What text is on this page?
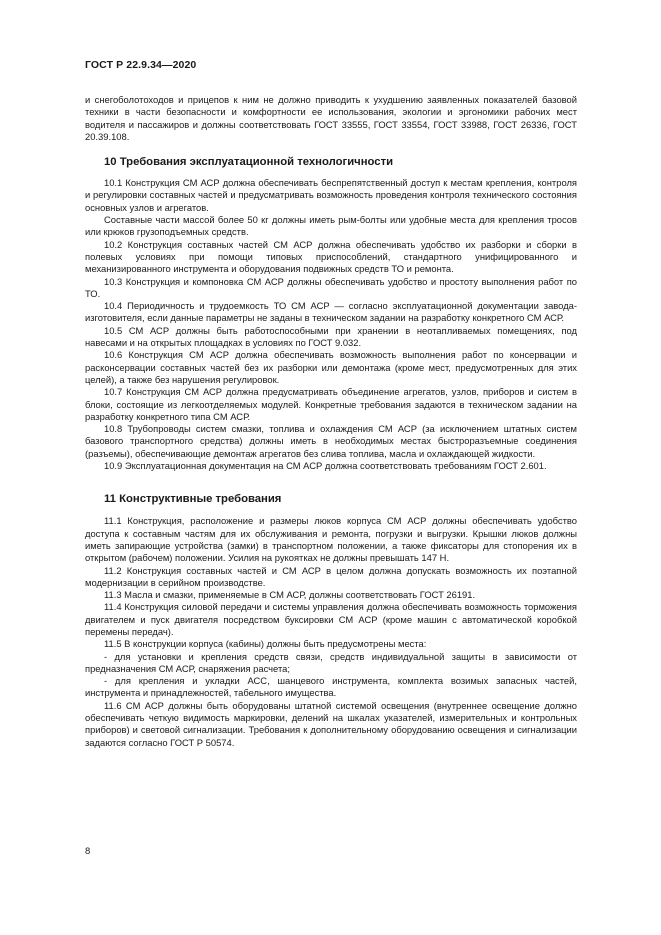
ГОСТ Р 22.9.34—2020

и снегоболотоходов и прицепов к ним не должно приводить к ухудшению заявленных показателей базовой техники в части безопасности и комфортности ее использования, экологии и эргономики рабочих мест водителя и пассажиров и должны соответствовать ГОСТ 33555, ГОСТ 33554, ГОСТ 33988, ГОСТ 26336, ГОСТ 20.39.108.

10 Требования эксплуатационной технологичности

10.1 Конструкция СМ АСР должна обеспечивать беспрепятственный доступ к местам крепления, контроля и регулировки составных частей и предусматривать возможность проведения контроля технического состояния основных узлов и агрегатов.

Составные части массой более 50 кг должны иметь рым-болты или удобные места для крепления тросов или крюков грузоподъемных средств.

10.2 Конструкция составных частей СМ АСР должна обеспечивать удобство их разборки и сборки в полевых условиях при помощи типовых приспособлений, стандартного унифицированного и механизированного инструмента и оборудования подвижных средств ТО и ремонта.

10.3 Конструкция и компоновка СМ АСР должны обеспечивать удобство и простоту выполнения работ по ТО.

10.4 Периодичность и трудоемкость ТО СМ АСР — согласно эксплуатационной документации завода-изготовителя, если данные параметры не заданы в техническом задании на разработку конкретного СМ АСР.

10.5 СМ АСР должны быть работоспособными при хранении в неотапливаемых помещениях, под навесами и на открытых площадках в условиях по ГОСТ 9.032.

10.6 Конструкция СМ АСР должна обеспечивать возможность выполнения работ по консервации и расконсервации составных частей без их разборки или демонтажа (кроме мест, предусмотренных для этих целей), а также без нарушения регулировок.

10.7 Конструкция СМ АСР должна предусматривать объединение агрегатов, узлов, приборов и систем в блоки, состоящие из легкоотделяемых модулей. Конкретные требования задаются в техническом задании на разработку конкретного типа СМ АСР.

10.8 Трубопроводы систем смазки, топлива и охлаждения СМ АСР (за исключением штатных систем базового транспортного средства) должны иметь в необходимых местах быстроразъемные соединения (разъемы), обеспечивающие демонтаж агрегатов без слива топлива, масла и охлаждающей жидкости.

10.9 Эксплуатационная документация на СМ АСР должна соответствовать требованиям ГОСТ 2.601.

11 Конструктивные требования

11.1 Конструкция, расположение и размеры люков корпуса СМ АСР должны обеспечивать удобство доступа к составным частям для их обслуживания и ремонта, погрузки и выгрузки. Крышки люков должны иметь запирающие устройства (замки) в транспортном положении, а также фиксаторы для стопорения их в открытом (рабочем) положении. Усилия на рукоятках не должны превышать 147 Н.

11.2 Конструкция составных частей и СМ АСР в целом должна допускать возможность их поэтапной модернизации в серийном производстве.

11.3 Масла и смазки, применяемые в СМ АСР, должны соответствовать ГОСТ 26191.

11.4 Конструкция силовой передачи и системы управления должна обеспечивать возможность торможения двигателем и пуск двигателя посредством буксировки СМ АСР (кроме машин с автоматической коробкой перемены передач).

11.5 В конструкции корпуса (кабины) должны быть предусмотрены места:

- для установки и крепления средств связи, средств индивидуальной защиты в зависимости от предназначения СМ АСР, снаряжения расчета;

- для крепления и укладки АСС, шанцевого инструмента, комплекта возимых запасных частей, инструмента и принадлежностей, табельного имущества.

11.6 СМ АСР должны быть оборудованы штатной системой освещения (внутреннее освещение должно обеспечивать четкую видимость маркировки, делений на шкалах указателей, измерительных и контрольных приборов) и световой сигнализации. Требования к дополнительному оборудованию освещения и сигнализации задаются согласно ГОСТ Р 50574.

8
